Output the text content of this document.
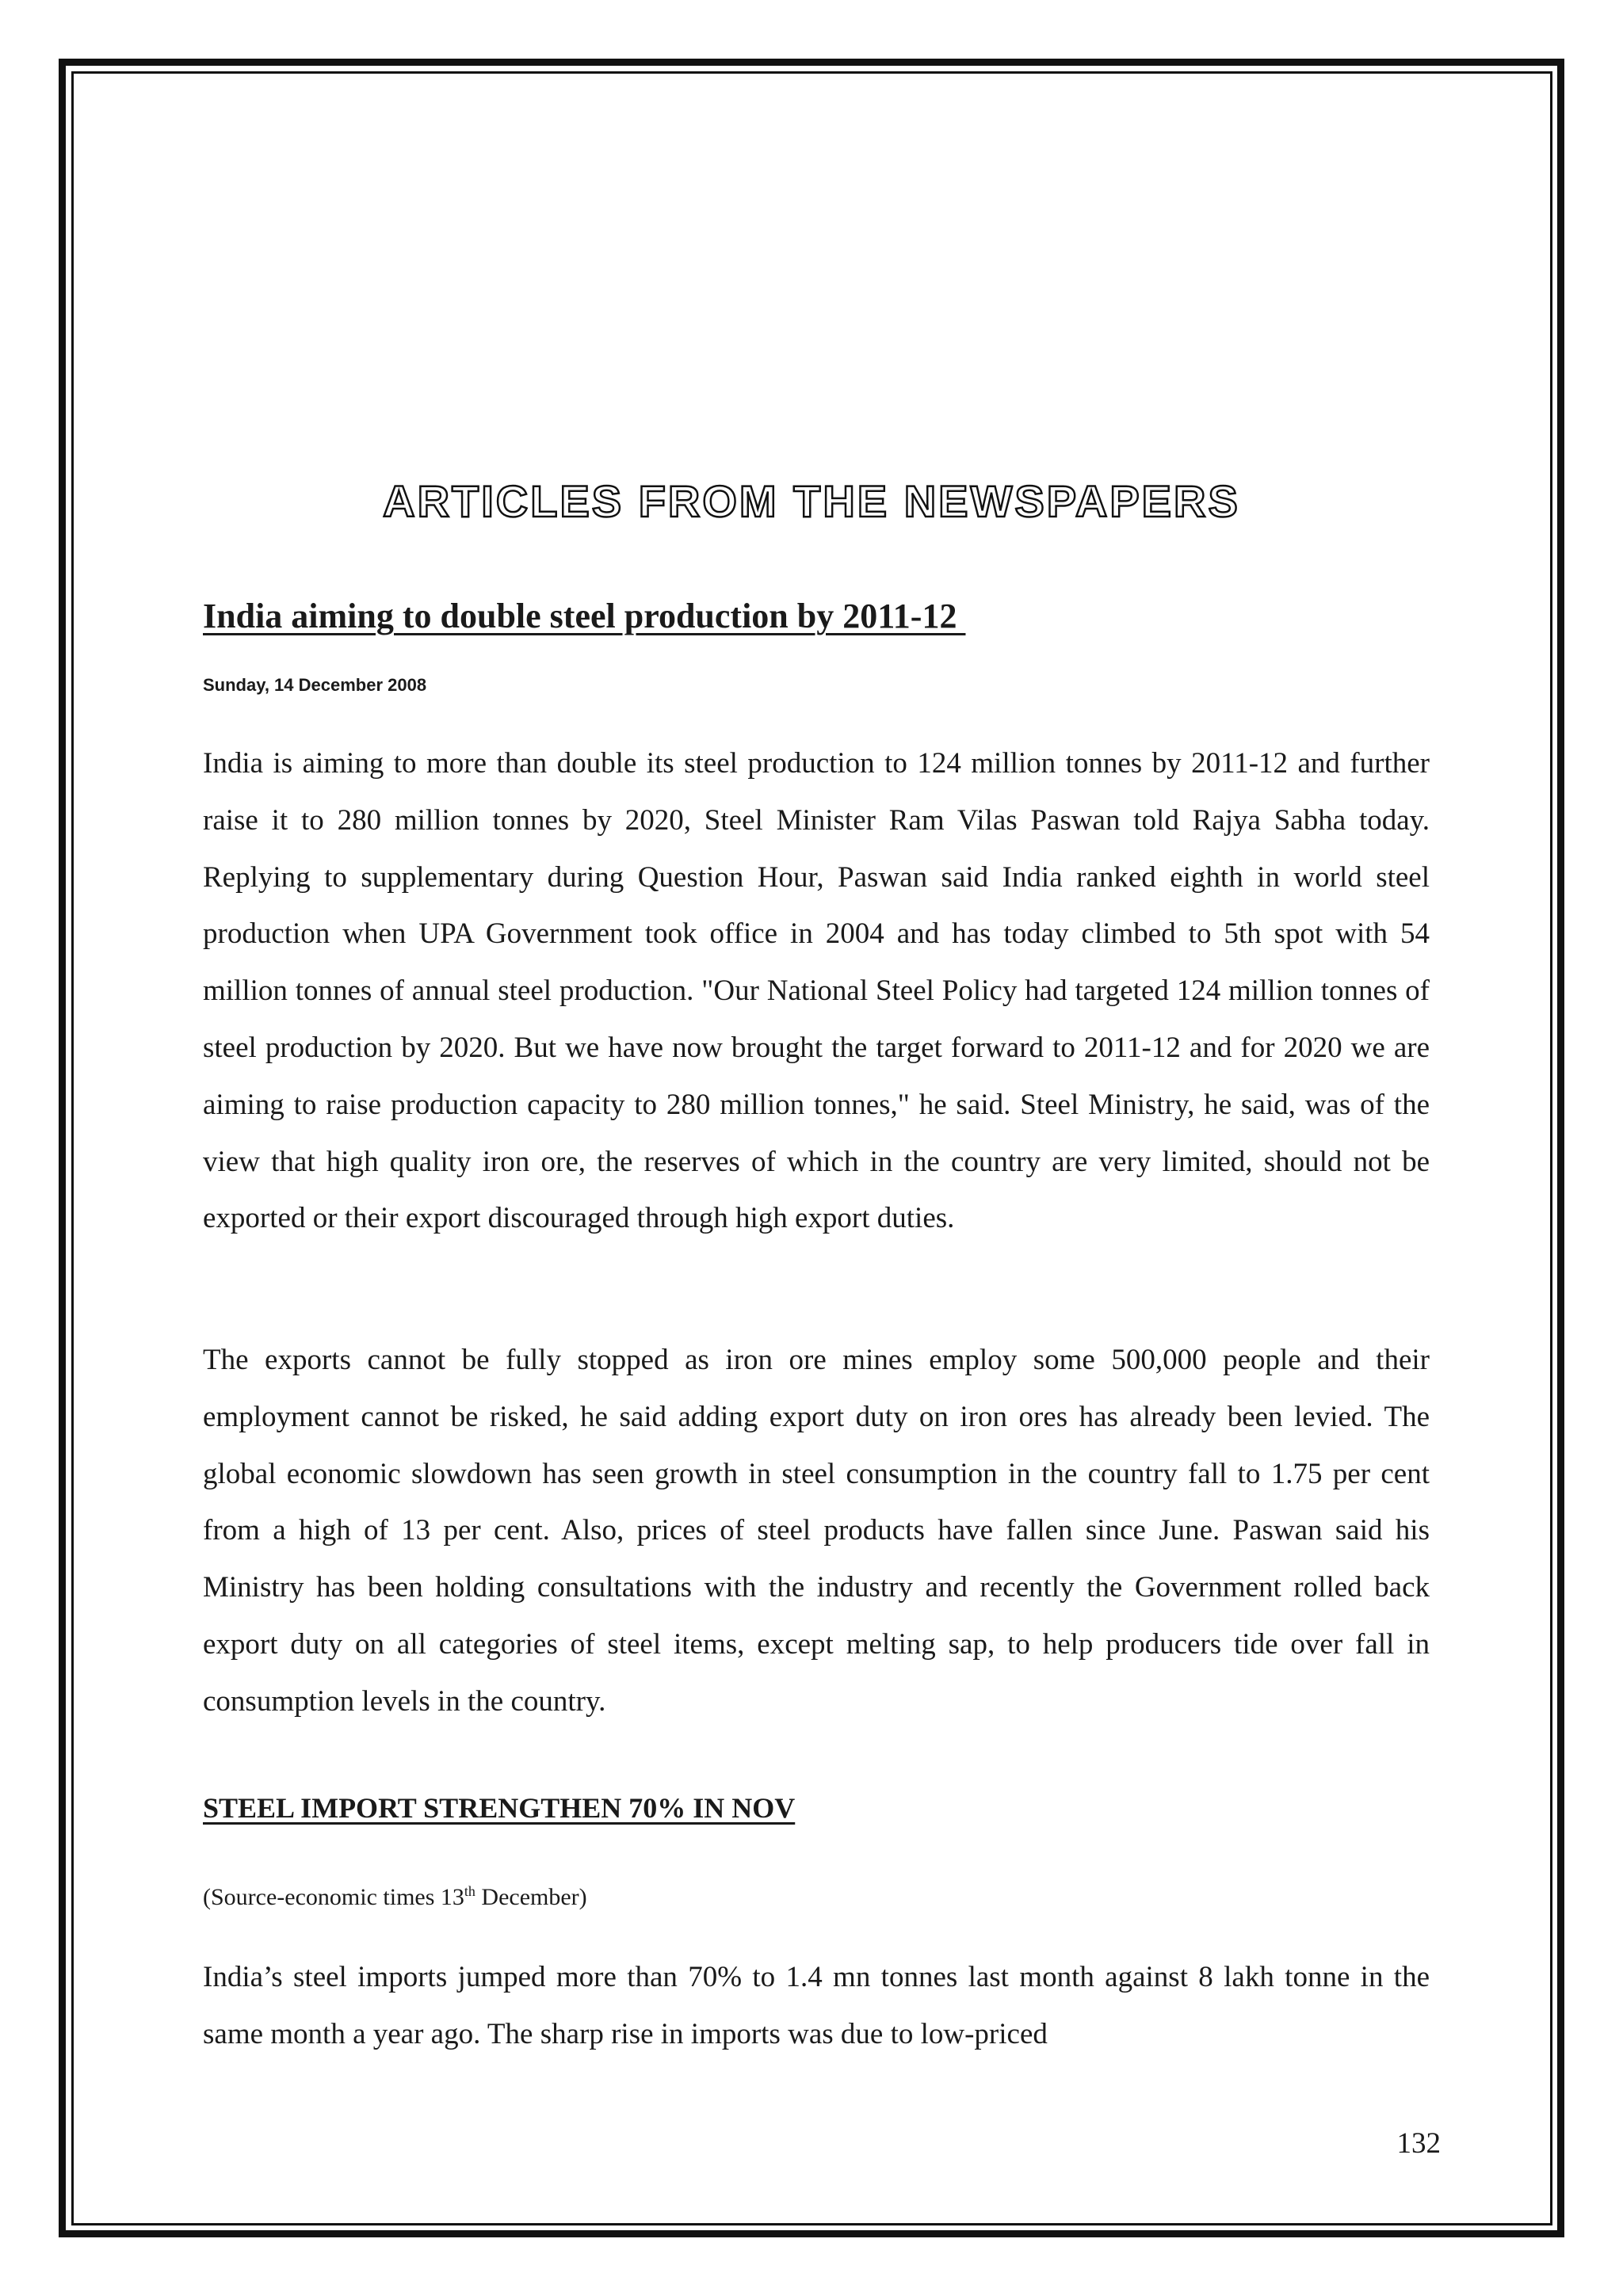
ARTICLES FROM THE NEWSPAPERS
India aiming to double steel production by 2011-12

Sunday, 14 December 2008

India is aiming to more than double its steel production to 124 million tonnes by 2011-12 and further raise it to 280 million tonnes by 2020, Steel Minister Ram Vilas Paswan told Rajya Sabha today. Replying to supplementary during Question Hour, Paswan said India ranked eighth in world steel production when UPA Government took office in 2004 and has today climbed to 5th spot with 54 million tonnes of annual steel production. "Our National Steel Policy had targeted 124 million tonnes of steel production by 2020. But we have now brought the target forward to 2011-12 and for 2020 we are aiming to raise production capacity to 280 million tonnes," he said. Steel Ministry, he said, was of the view that high quality iron ore, the reserves of which in the country are very limited, should not be exported or their export discouraged through high export duties.

The exports cannot be fully stopped as iron ore mines employ some 500,000 people and their employment cannot be risked, he said adding export duty on iron ores has already been levied. The global economic slowdown has seen growth in steel consumption in the country fall to 1.75 per cent from a high of 13 per cent. Also, prices of steel products have fallen since June. Paswan said his Ministry has been holding consultations with the industry and recently the Government rolled back export duty on all categories of steel items, except melting sap, to help producers tide over fall in consumption levels in the country.

STEEL IMPORT STRENGTHEN 70% IN NOV

(Source-economic times 13th December)

India’s steel imports jumped more than 70% to 1.4 mn tonnes last month against 8 lakh tonne in the same month a year ago. The sharp rise in imports was due to low-priced

132
